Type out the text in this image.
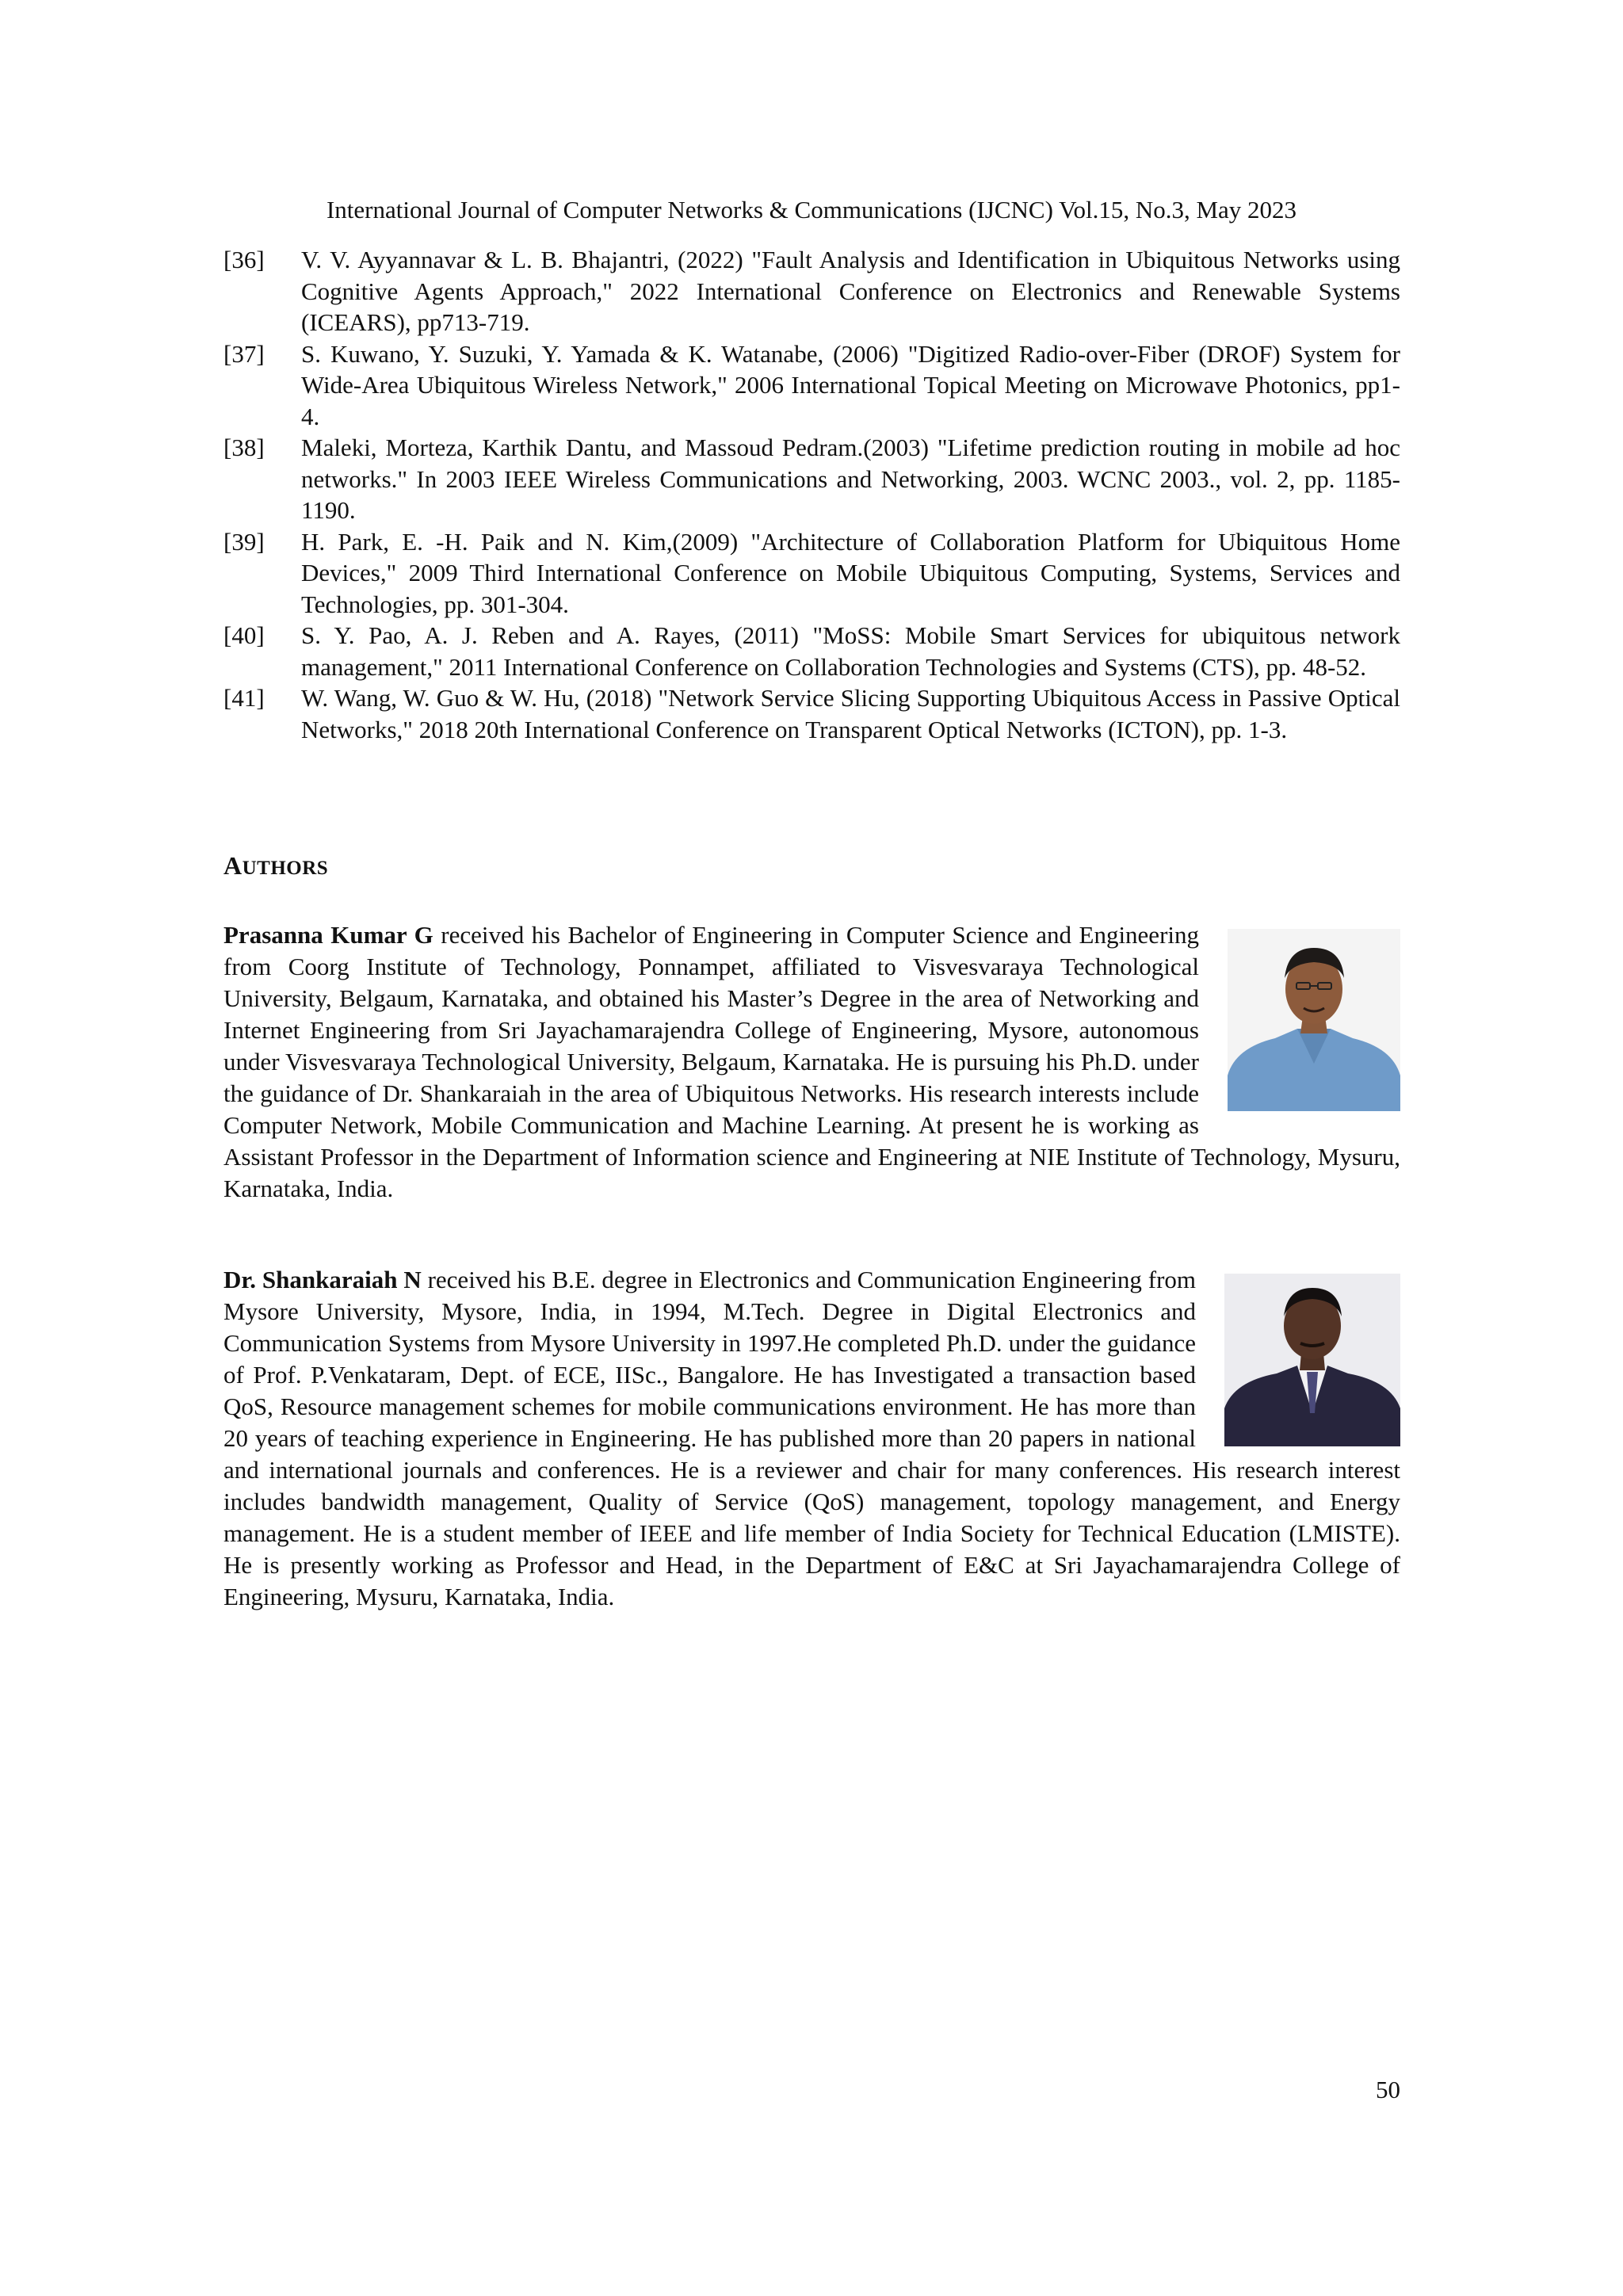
International Journal of Computer Networks & Communications (IJCNC) Vol.15, No.3, May 2023
[36]	V. V. Ayyannavar & L. B. Bhajantri, (2022) "Fault Analysis and Identification in Ubiquitous Networks using Cognitive Agents Approach," 2022 International Conference on Electronics and Renewable Systems (ICEARS), pp713-719.
[37]	S. Kuwano, Y. Suzuki, Y. Yamada & K. Watanabe, (2006) "Digitized Radio-over-Fiber (DROF) System for Wide-Area Ubiquitous Wireless Network," 2006 International Topical Meeting on Microwave Photonics, pp1-4.
[38]	Maleki, Morteza, Karthik Dantu, and Massoud Pedram.(2003) "Lifetime prediction routing in mobile ad hoc networks." In 2003 IEEE Wireless Communications and Networking, 2003. WCNC 2003., vol. 2, pp. 1185-1190.
[39]	H. Park, E. -H. Paik and N. Kim,(2009) "Architecture of Collaboration Platform for Ubiquitous Home Devices," 2009 Third International Conference on Mobile Ubiquitous Computing, Systems, Services and Technologies, pp. 301-304.
[40]	S. Y. Pao, A. J. Reben and A. Rayes, (2011) "MoSS: Mobile Smart Services for ubiquitous network management," 2011 International Conference on Collaboration Technologies and Systems (CTS), pp. 48-52.
[41]	W. Wang, W. Guo & W. Hu, (2018) "Network Service Slicing Supporting Ubiquitous Access in Passive Optical Networks," 2018 20th International Conference on Transparent Optical Networks (ICTON), pp. 1-3.
AUTHORS
Prasanna Kumar G received his Bachelor of Engineering in Computer Science and Engineering from Coorg Institute of Technology, Ponnampet, affiliated to Visvesvaraya Technological University, Belgaum, Karnataka, and obtained his Master’s Degree in the area of Networking and Internet Engineering from Sri Jayachamarajendra College of Engineering, Mysore, autonomous under Visvesvaraya Technological University, Belgaum, Karnataka. He is pursuing his Ph.D. under the guidance of Dr. Shankaraiah in the area of Ubiquitous Networks. His research interests include Computer Network, Mobile Communication and Machine Learning. At present he is working as Assistant Professor in the Department of Information science and Engineering at NIE Institute of Technology, Mysuru, Karnataka, India.
Dr. Shankaraiah N received his B.E. degree in Electronics and Communication Engineering from Mysore University, Mysore, India, in 1994, M.Tech. Degree in Digital Electronics and Communication Systems from Mysore University in 1997.He completed Ph.D. under the guidance of Prof. P.Venkataram, Dept. of ECE, IISc., Bangalore. He has Investigated a transaction based QoS, Resource management schemes for mobile communications environment. He has more than 20 years of teaching experience in Engineering. He has published more than 20 papers in national and international journals and conferences. He is a reviewer and chair for many conferences. His research interest includes bandwidth management, Quality of Service (QoS) management, topology management, and Energy management. He is a student member of IEEE and life member of India Society for Technical Education (LMISTE). He is presently working as Professor and Head, in the Department of E&C at Sri Jayachamarajendra College of Engineering, Mysuru, Karnataka, India.
50
